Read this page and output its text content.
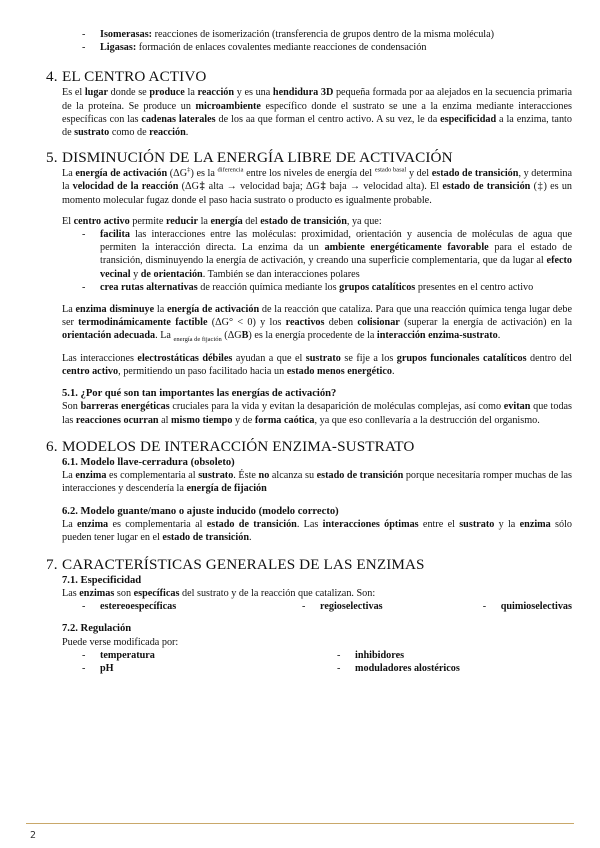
- Isomerasas: reacciones de isomerización (transferencia de grupos dentro de la misma molécula)
- Ligasas: formación de enlaces covalentes mediante reacciones de condensación
4. EL CENTRO ACTIVO

Es el lugar donde se produce la reacción y es una hendidura 3D pequeña formada por aa alejados en la secuencia primaria de la proteína. Se produce un microambiente específico donde el sustrato se une a la enzima mediante interacciones específicas con las cadenas laterales de los aa que forman el centro activo. A su vez, le da especificidad a la enzima, tanto de sustrato como de reacción.

5. DISMINUCIÓN DE LA ENERGÍA LIBRE DE ACTIVACIÓN

La energía de activación (ΔG‡) es la $^{diferencia}$ entre los niveles de energía del $^{estado basal}$ y del estado de transición, y determina la velocidad de la reacción (ΔG‡ alta → velocidad baja; ΔG‡ baja → velocidad alta). El estado de transición (‡) es un momento molecular fugaz donde el paso hacia sustrato o producto es igualmente probable.

El centro activo permite reducir la energía del estado de transición, ya que:

- facilita las interacciones entre las moléculas: proximidad, orientación y ausencia de moléculas de agua que permiten la interacción directa. La enzima da un ambiente energéticamente favorable para el estado de transición, disminuyendo la energía de activación, y creando una superficie complementaria, que da lugar al efecto vecinal y de orientación. También se dan interacciones polares
- crea rutas alternativas de reacción química mediante los grupos catalíticos presentes en el centro activo

La enzima disminuye la energía de activación de la reacción que cataliza. Para que una reacción química tenga lugar debe ser termodinámicamente factible (ΔG° < 0) y los reactivos deben colisionar (superar la energía de activación) en la orientación adecuada. La $_{energía de fijación}$ (ΔGB) es la energía procedente de la interacción enzima-sustrato.

Las interacciones electrostáticas débiles ayudan a que el sustrato se fije a los grupos funcionales catalíticos dentro del centro activo, permitiendo un paso facilitado hacia un estado menos energético.

5.1. ¿Por qué son tan importantes las energías de activación?

Son barreras energéticas cruciales para la vida y evitan la desaparición de moléculas complejas, así como evitan que todas las reacciones ocurran al mismo tiempo y de forma caótica, ya que eso conllevaría a la destrucción del organismo.

6. MODELOS DE INTERACCIÓN ENZIMA-SUSTRATO

6.1. Modelo llave-cerradura (obsoleto)

La enzima es complementaria al sustrato. Éste no alcanza su estado de transición porque necesitaría romper muchas de las interacciones y descendería la energía de fijación

6.2. Modelo guante/mano o ajuste inducido (modelo correcto)

La enzima es complementaria al estado de transición. Las interacciones óptimas entre el sustrato y la enzima sólo pueden tener lugar en el estado de transición.

7. CARACTERÍSTICAS GENERALES DE LAS ENZIMAS

7.1. Especificidad

Las enzimas son específicas del sustrato y de la reacción que catalizan. Son:

- estereoespecíficas	- regioselectivas	- quimioselectivas

7.2. Regulación

Puede verse modificada por:

- temperatura	- inhibidores
- pH	- moduladores alostéricos
2
